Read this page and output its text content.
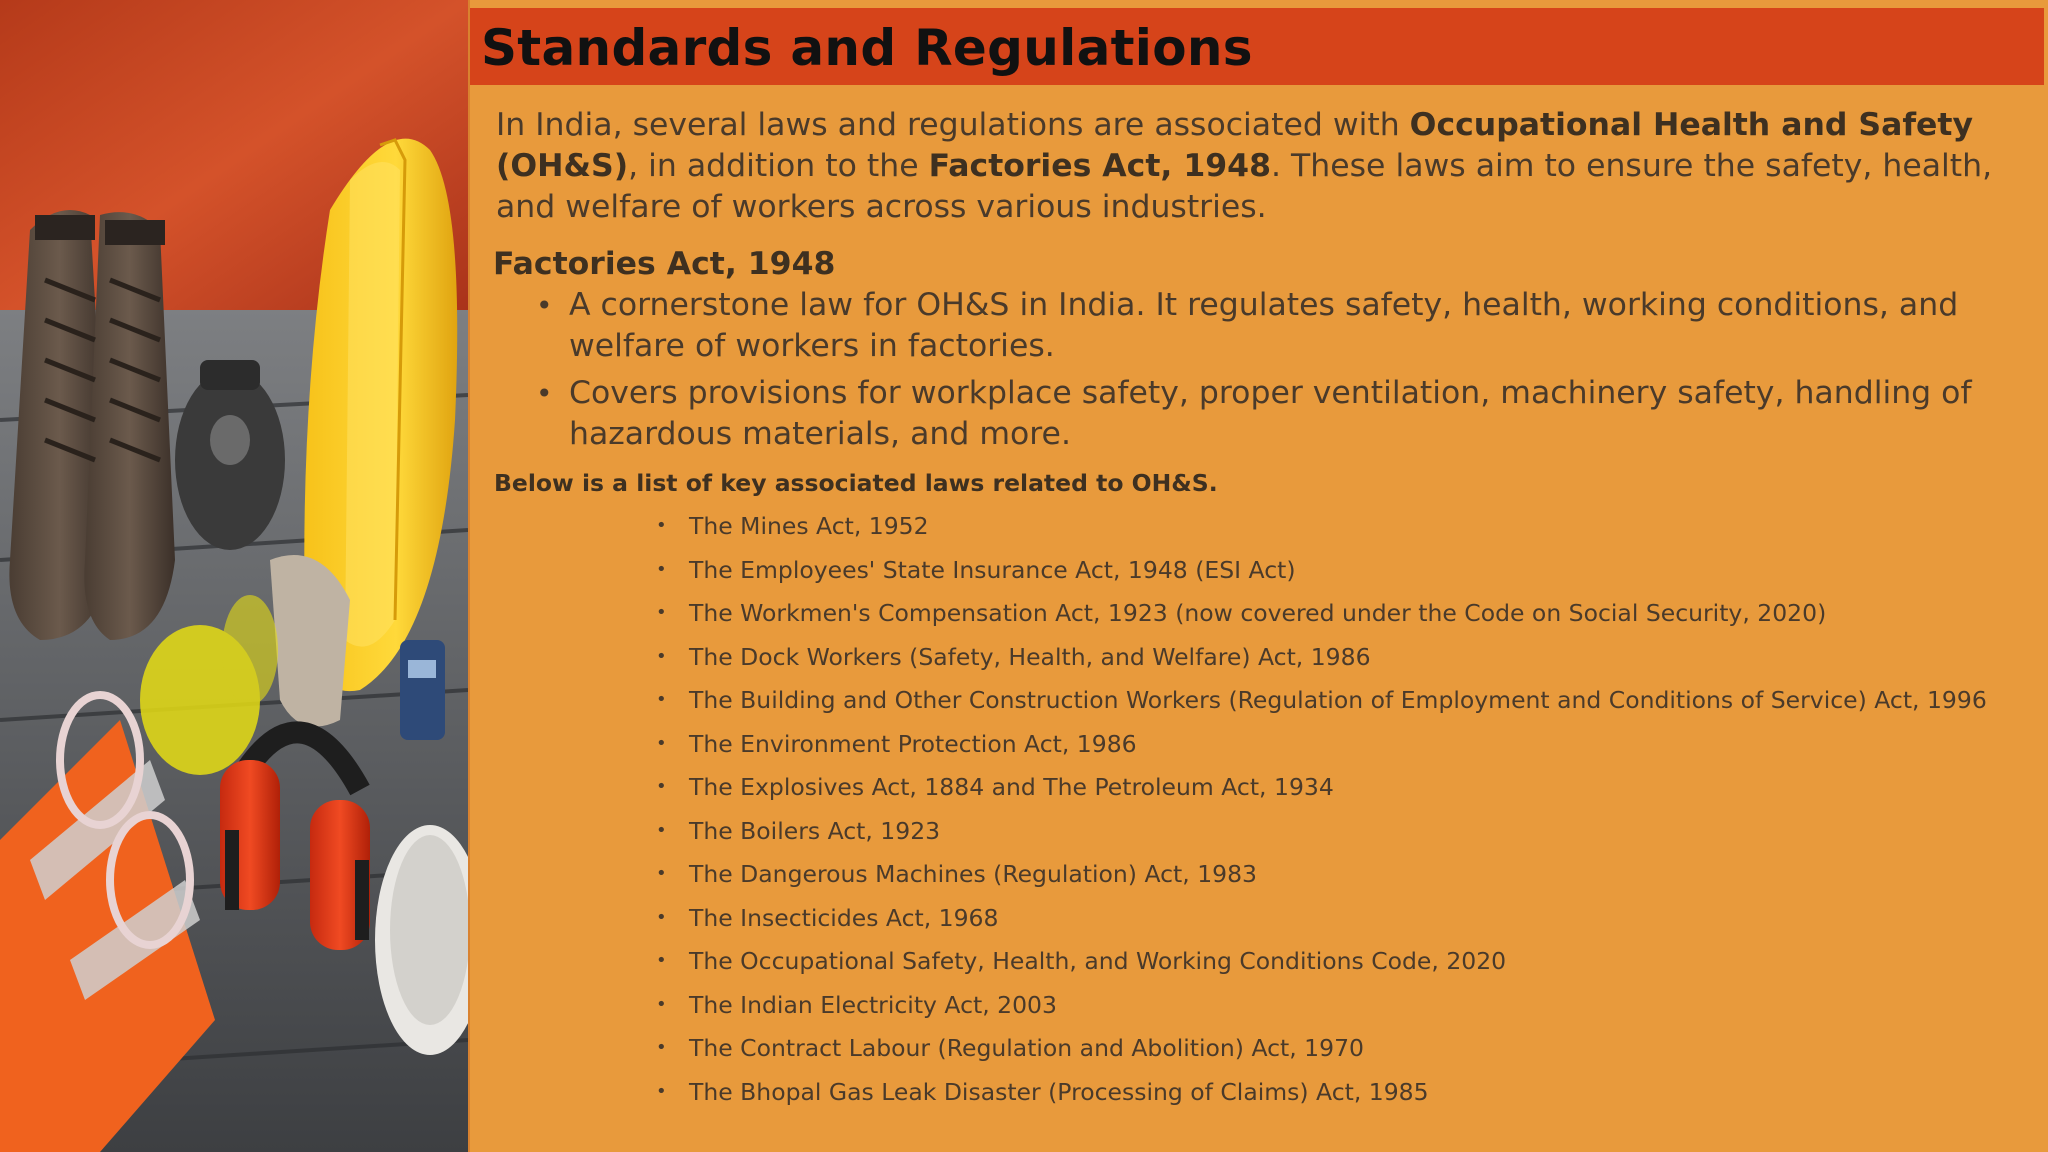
Standards and Regulations

In India, several laws and regulations are associated with Occupational Health and Safety (OH&S), in addition to the Factories Act, 1948. These laws aim to ensure the safety, health, and welfare of workers across various industries.

Factories Act, 1948
• A cornerstone law for OH&S in India. It regulates safety, health, working conditions, and welfare of workers in factories.
• Covers provisions for workplace safety, proper ventilation, machinery safety, handling of hazardous materials, and more.

Below is a list of key associated laws related to OH&S.

• The Mines Act, 1952
• The Employees' State Insurance Act, 1948 (ESI Act)
• The Workmen's Compensation Act, 1923 (now covered under the Code on Social Security, 2020)
• The Dock Workers (Safety, Health, and Welfare) Act, 1986
• The Building and Other Construction Workers (Regulation of Employment and Conditions of Service) Act, 1996
• The Environment Protection Act, 1986
• The Explosives Act, 1884 and The Petroleum Act, 1934
• The Boilers Act, 1923
• The Dangerous Machines (Regulation) Act, 1983
• The Insecticides Act, 1968
• The Occupational Safety, Health, and Working Conditions Code, 2020
• The Indian Electricity Act, 2003
• The Contract Labour (Regulation and Abolition) Act, 1970
• The Bhopal Gas Leak Disaster (Processing of Claims) Act, 1985
